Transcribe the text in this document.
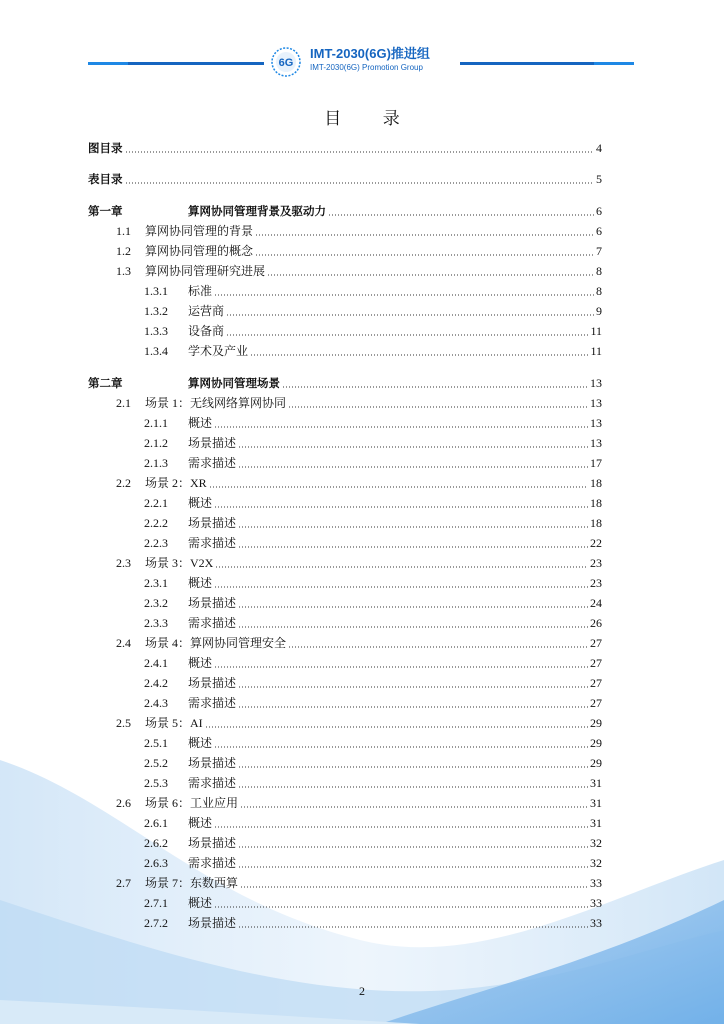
6G
IMT-2030(6G)推进组
IMT-2030(6G) Promotion Group
目 录
图目录	4
表目录	5
第一章	算网协同管理背景及驱动力	6
1.1 算网协同管理的背景	6
1.2 算网协同管理的概念	7
1.3 算网协同管理研究进展	8
1.3.1 标准	8
1.3.2 运营商	9
1.3.3 设备商	11
1.3.4 学术及产业	11
第二章	算网协同管理场景	13
2.1 场景 1：无线网络算网协同	13
2.1.1 概述	13
2.1.2 场景描述	13
2.1.3 需求描述	17
2.2 场景 2：XR	18
2.2.1 概述	18
2.2.2 场景描述	18
2.2.3 需求描述	22
2.3 场景 3：V2X	23
2.3.1 概述	23
2.3.2 场景描述	24
2.3.3 需求描述	26
2.4 场景 4：算网协同管理安全	27
2.4.1 概述	27
2.4.2 场景描述	27
2.4.3 需求描述	27
2.5 场景 5：AI	29
2.5.1 概述	29
2.5.2 场景描述	29
2.5.3 需求描述	31
2.6 场景 6：工业应用	31
2.6.1 概述	31
2.6.2 场景描述	32
2.6.3 需求描述	32
2.7 场景 7：东数西算	33
2.7.1 概述	33
2.7.2 场景描述	33
2
